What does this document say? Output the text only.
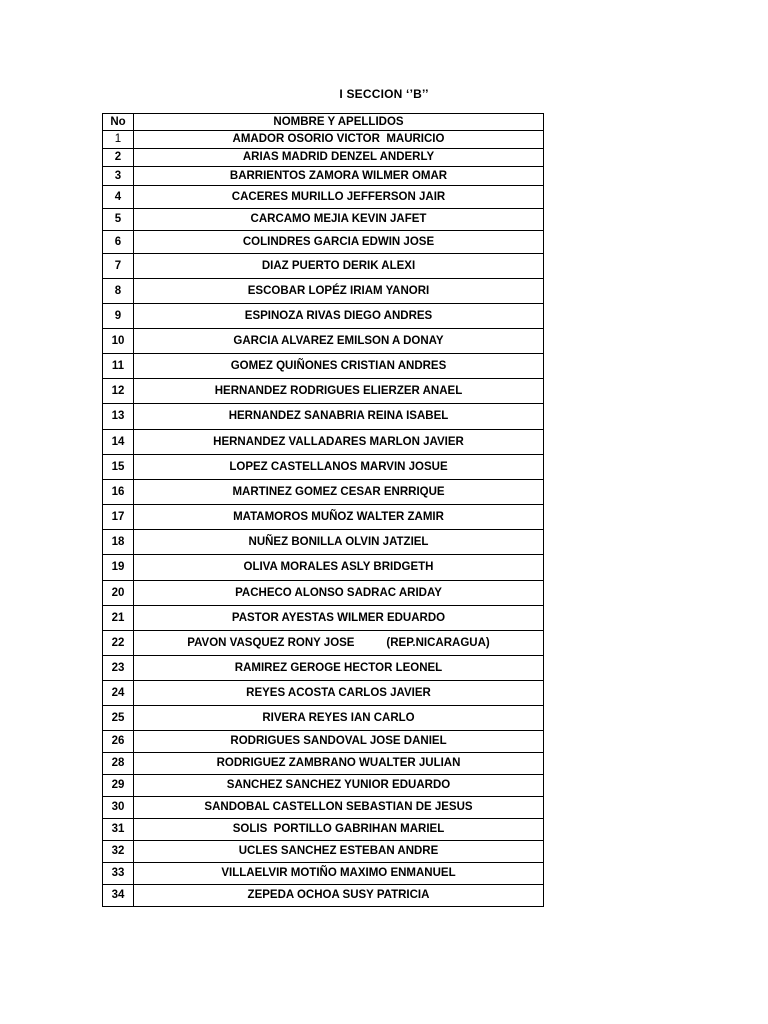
I SECCION ‘’B’’
No	NOMBRE Y APELLIDOS
1	AMADOR OSORIO VICTOR  MAURICIO
2	ARIAS MADRID DENZEL ANDERLY
3	BARRIENTOS ZAMORA WILMER OMAR
4	CACERES MURILLO JEFFERSON JAIR
5	CARCAMO MEJIA KEVIN JAFET
6	COLINDRES GARCIA EDWIN JOSE
7	DIAZ PUERTO DERIK ALEXI
8	ESCOBAR LOPÉZ IRIAM YANORI
9	ESPINOZA RIVAS DIEGO ANDRES
10	GARCIA ALVAREZ EMILSON A DONAY
11	GOMEZ QUIÑONES CRISTIAN ANDRES
12	HERNANDEZ RODRIGUES ELIERZER ANAEL
13	HERNANDEZ SANABRIA REINA ISABEL
14	HERNANDEZ VALLADARES MARLON JAVIER
15	LOPEZ CASTELLANOS MARVIN JOSUE
16	MARTINEZ GOMEZ CESAR ENRRIQUE
17	MATAMOROS MUÑOZ WALTER ZAMIR
18	NUÑEZ BONILLA OLVIN JATZIEL
19	OLIVA MORALES ASLY BRIDGETH
20	PACHECO ALONSO SADRAC ARIDAY
21	PASTOR AYESTAS WILMER EDUARDO
22	PAVON VASQUEZ RONY JOSE          (REP.NICARAGUA)
23	RAMIREZ GEROGE HECTOR LEONEL
24	REYES ACOSTA CARLOS JAVIER
25	RIVERA REYES IAN CARLO
26	RODRIGUES SANDOVAL JOSE DANIEL
28	RODRIGUEZ ZAMBRANO WUALTER JULIAN
29	SANCHEZ SANCHEZ YUNIOR EDUARDO
30	SANDOBAL CASTELLON SEBASTIAN DE JESUS
31	SOLIS  PORTILLO GABRIHAN MARIEL
32	UCLES SANCHEZ ESTEBAN ANDRE
33	VILLAELVIR MOTIÑO MAXIMO ENMANUEL
34	ZEPEDA OCHOA SUSY PATRICIA
